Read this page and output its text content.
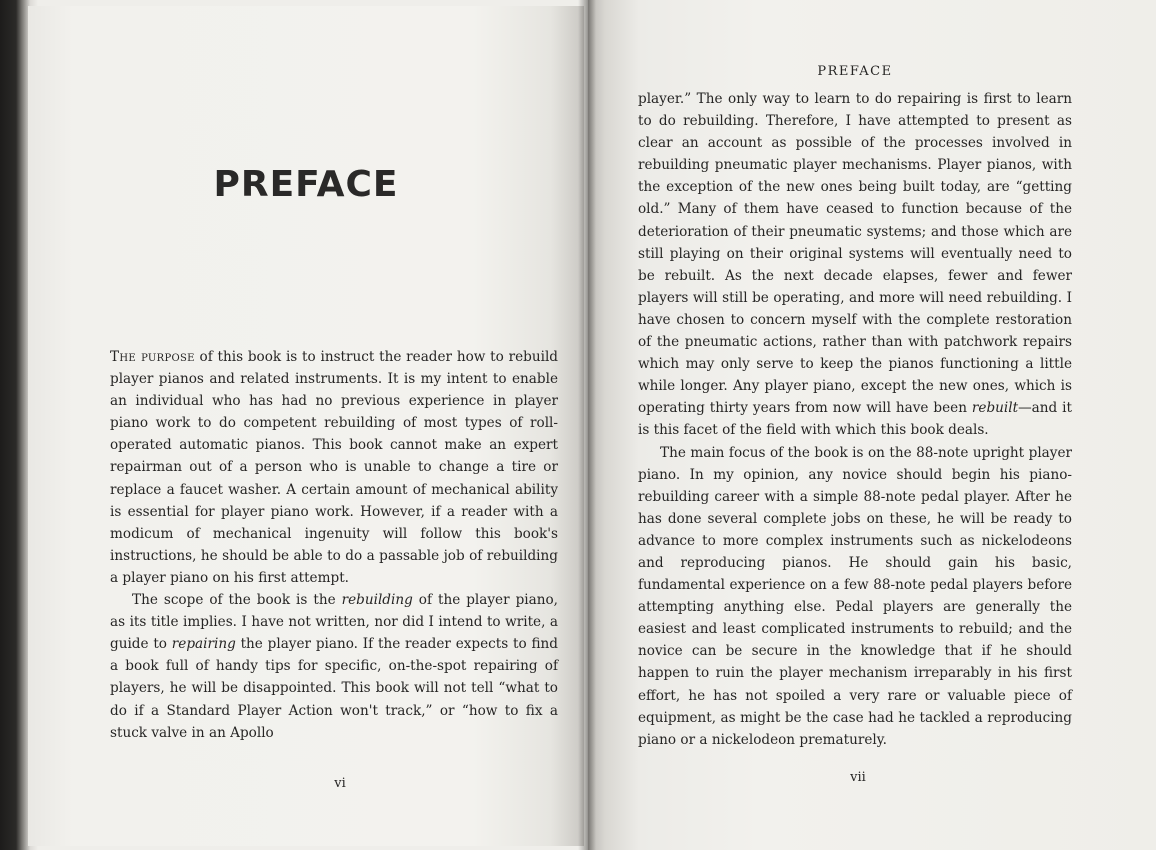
PREFACE

The purpose of this book is to instruct the reader how to rebuild player pianos and related instruments. It is my intent to enable an individual who has had no previous experience in player piano work to do competent rebuilding of most types of roll-operated automatic pianos. This book cannot make an expert repairman out of a person who is unable to change a tire or replace a faucet washer. A certain amount of mechanical ability is essential for player piano work. However, if a reader with a modicum of mechanical ingenuity will follow this book's instructions, he should be able to do a passable job of rebuilding a player piano on his first attempt.

The scope of the book is the rebuilding of the player piano, as its title implies. I have not written, nor did I intend to write, a guide to repairing the player piano. If the reader expects to find a book full of handy tips for specific, on-the-spot repairing of players, he will be disappointed. This book will not tell “what to do if a Standard Player Action won't track,” or “how to fix a stuck valve in an Apollo

vi

PREFACE

player.” The only way to learn to do repairing is first to learn to do rebuilding. Therefore, I have attempted to present as clear an account as possible of the processes involved in rebuilding pneumatic player mechanisms. Player pianos, with the exception of the new ones being built today, are “getting old.” Many of them have ceased to function because of the deterioration of their pneumatic systems; and those which are still playing on their original systems will eventually need to be rebuilt. As the next decade elapses, fewer and fewer players will still be operating, and more will need rebuilding. I have chosen to concern myself with the complete restoration of the pneumatic actions, rather than with patchwork repairs which may only serve to keep the pianos functioning a little while longer. Any player piano, except the new ones, which is operating thirty years from now will have been rebuilt—and it is this facet of the field with which this book deals.

The main focus of the book is on the 88-note upright player piano. In my opinion, any novice should begin his piano-rebuilding career with a simple 88-note pedal player. After he has done several complete jobs on these, he will be ready to advance to more complex instruments such as nickelodeons and reproducing pianos. He should gain his basic, fundamental experience on a few 88-note pedal players before attempting anything else. Pedal players are generally the easiest and least complicated instruments to rebuild; and the novice can be secure in the knowledge that if he should happen to ruin the player mechanism irreparably in his first effort, he has not spoiled a very rare or valuable piece of equipment, as might be the case had he tackled a reproducing piano or a nickelodeon prematurely.

vii
